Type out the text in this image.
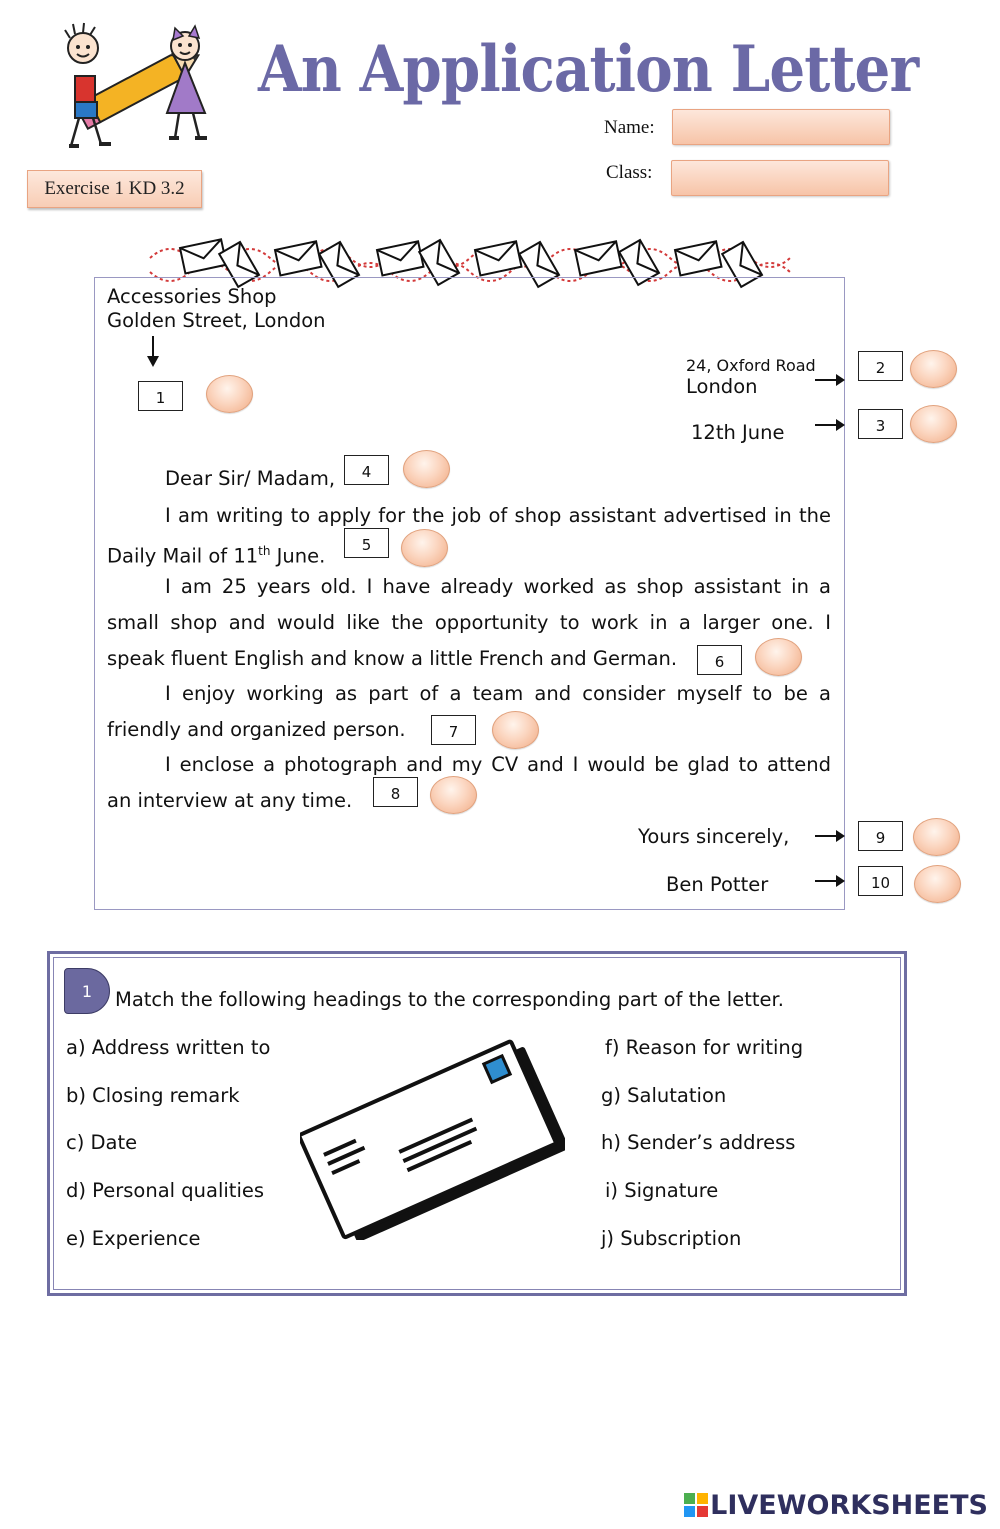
An Application Letter
Name:
Class:
Exercise 1 KD 3.2
Accessories Shop
Golden Street, London
1
24, Oxford Road
London
2
12th June	3
Dear Sir/ Madam,	4
I am writing to apply for the job of shop assistant advertised in the
Daily Mail of 11th June.	5
I am 25 years old. I have already worked as shop assistant in a
small shop and would like the opportunity to work in a larger one. I
speak fluent English and know a little French and German.	6
I enjoy working as part of a team and consider myself to be a
friendly and organized person.	7
I enclose a photograph and my CV and I would be glad to attend
an interview at any time.	8
Yours sincerely,	9
Ben Potter	10
1	Match the following headings to the corresponding part of the letter.
a) Address written to
b) Closing remark
c) Date
d) Personal qualities
e) Experience
f) Reason for writing
g) Salutation
h) Sender’s address
i) Signature
j) Subscription
LIVEWORKSHEETS
